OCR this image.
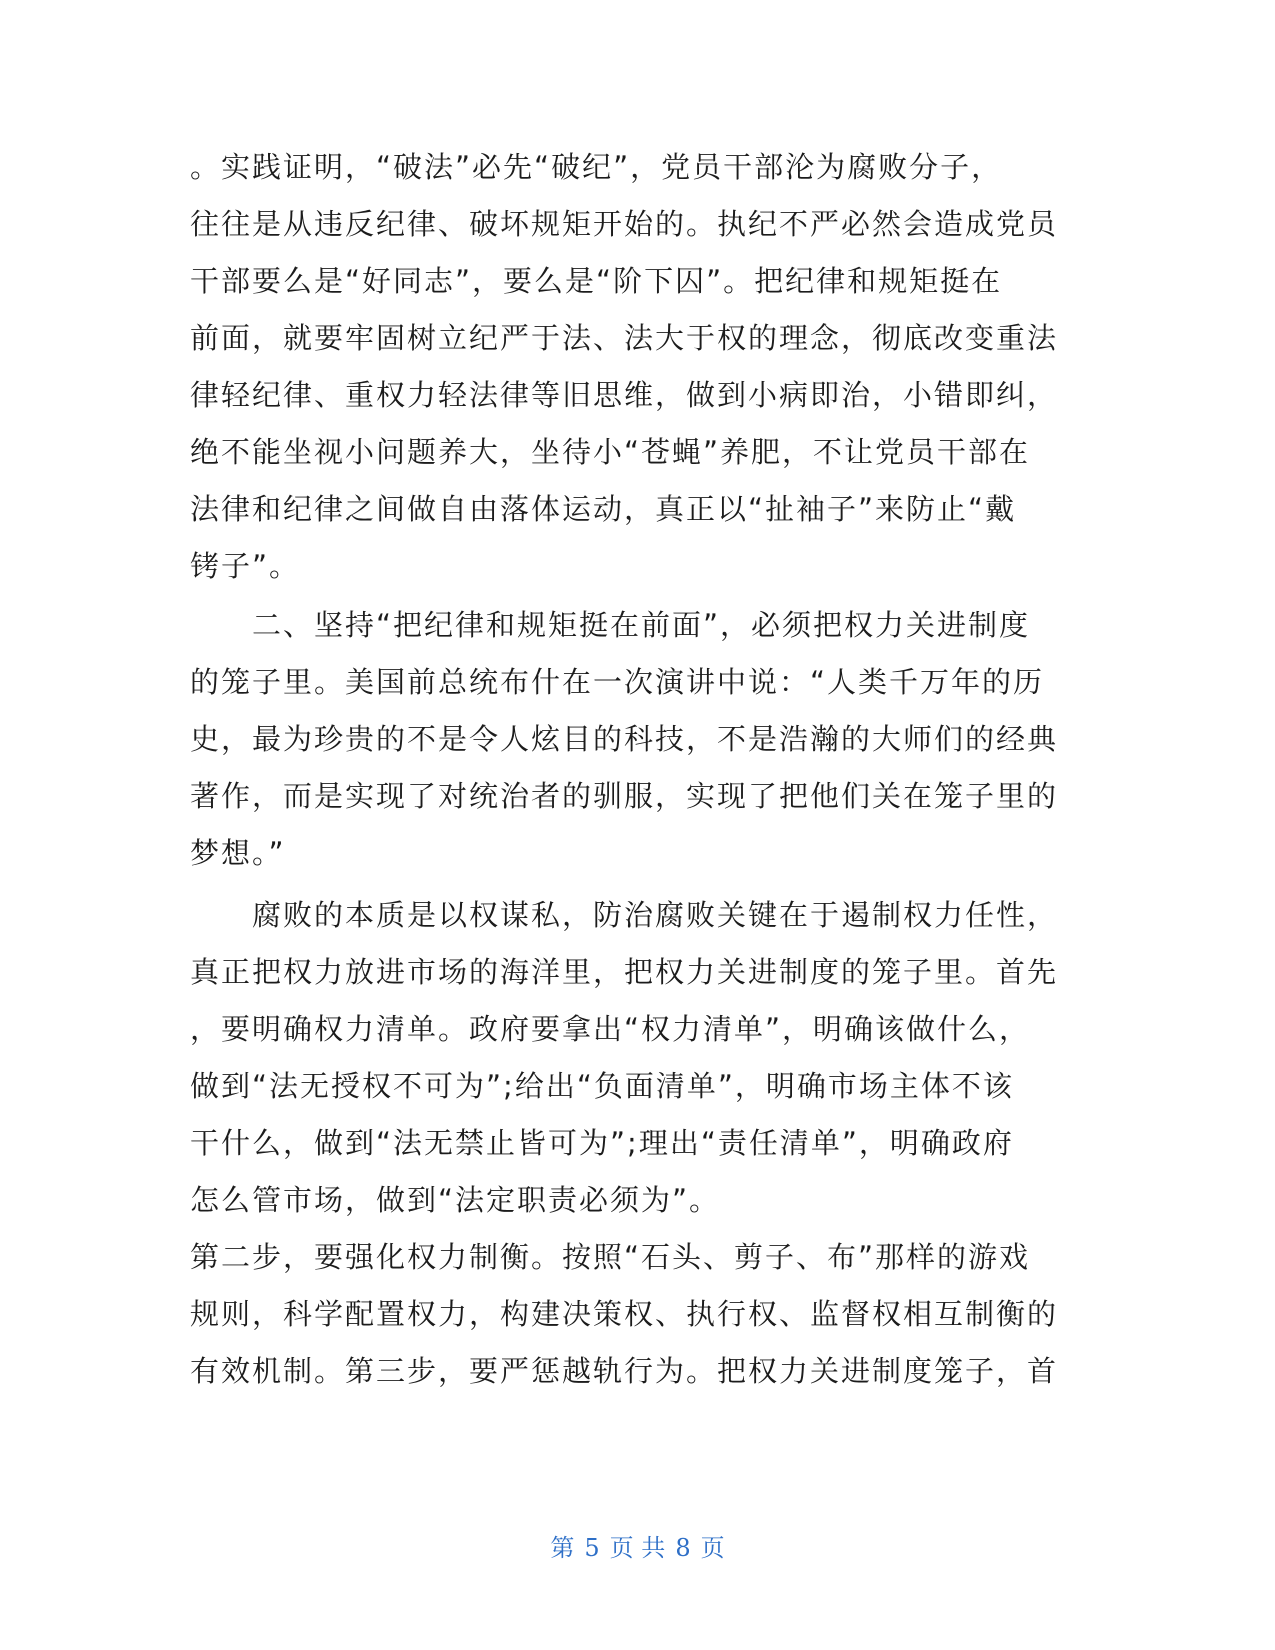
。实践证明，“破法”必先“破纪”，党员干部沦为腐败分子，
往往是从违反纪律、破坏规矩开始的。执纪不严必然会造成党员
干部要么是“好同志”，要么是“阶下囚”。把纪律和规矩挺在
前面，就要牢固树立纪严于法、法大于权的理念，彻底改变重法
律轻纪律、重权力轻法律等旧思维，做到小病即治，小错即纠，
绝不能坐视小问题养大，坐待小“苍蝇”养肥，不让党员干部在
法律和纪律之间做自由落体运动，真正以“扯袖子”来防止“戴
铐子”。
二、坚持“把纪律和规矩挺在前面”，必须把权力关进制度
的笼子里。美国前总统布什在一次演讲中说：“人类千万年的历
史，最为珍贵的不是令人炫目的科技，不是浩瀚的大师们的经典
著作，而是实现了对统治者的驯服，实现了把他们关在笼子里的
梦想。”
腐败的本质是以权谋私，防治腐败关键在于遏制权力任性，
真正把权力放进市场的海洋里，把权力关进制度的笼子里。首先
，要明确权力清单。政府要拿出“权力清单”，明确该做什么，
做到“法无授权不可为”;给出“负面清单”，明确市场主体不该
干什么，做到“法无禁止皆可为”;理出“责任清单”，明确政府
怎么管市场，做到“法定职责必须为”。
第二步，要强化权力制衡。按照“石头、剪子、布”那样的游戏
规则，科学配置权力，构建决策权、执行权、监督权相互制衡的
有效机制。第三步，要严惩越轨行为。把权力关进制度笼子，首
第 5 页 共 8 页
